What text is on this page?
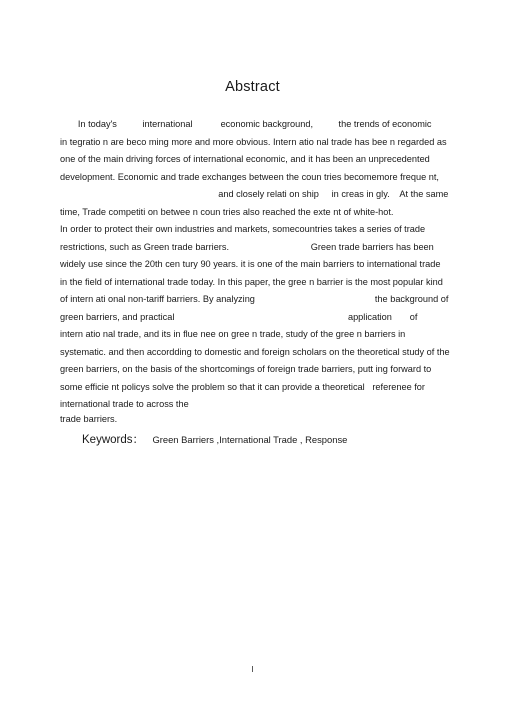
Abstract
In today's          international           economic background,          the trends of economic
in tegratio n are beco ming more and more obvious. Intern atio nal trade has bee n regarded as
one of the main driving forces of international economic, and it has been an unprecedented
development. Economic and trade exchanges between the coun tries becomemore freque nt,
and closely relati on ship     in creas in gly.    At the same
time, Trade competiti on betwee n coun tries also reached the exte nt of white-hot.
In order to protect their own industries and markets, somecountries takes a series of trade
restrictions, such as Green trade barriers.                                Green trade barriers has been
widely use since the 20th cen tury 90 years. it is one of the main barriers to international trade
in the field of international trade today. In this paper, the gree n barrier is the most popular kind
of intern ati onal non-tariff barriers. By analyzing                                               the background of
green barriers, and practical                                                                    application       of
intern atio nal trade, and its in flue nee on gree n trade, study of the gree n barriers in
systematic. and then accordding to domestic and foreign scholars on the theoretical study of the
green barriers, on the basis of the shortcomings of foreign trade barriers, putt ing forward to
some efficie nt policys solve the problem so that it can provide a theoretical   referenee for
international trade to across the
trade barriers.
Keywords： Green Barriers ,International Trade , Response
I
